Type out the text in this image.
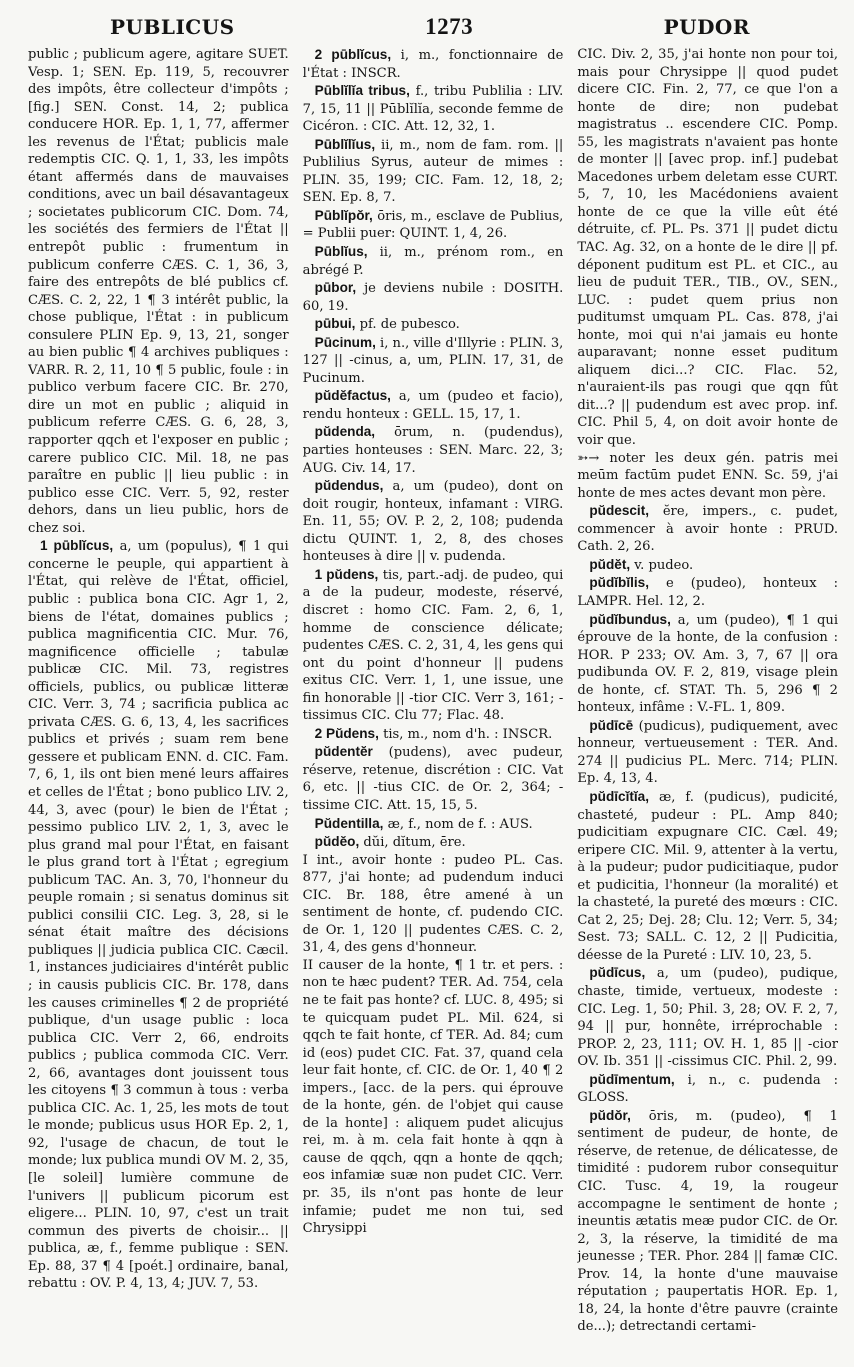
PUBLICUS	1273	PUDOR

public ; publicum agere, agitare SUET. Vesp. 1; SEN. Ep. 119, 5, recouvrer des impôts, être collecteur d'impôts ; [fig.] SEN. Const. 14, 2; publica conducere HOR. Ep. 1, 1, 77, affermer les revenus de l'État; publicis male redemptis CIC. Q. 1, 1, 33, les impôts étant affermés dans de mauvaises conditions, avec un bail désavantageux ; societates publicorum CIC. Dom. 74, les sociétés des fermiers de l'État || entrepôt public : frumentum in publicum conferre CÆS. C. 1, 36, 3, faire des entrepôts de blé publics cf. CÆS. C. 2, 22, 1 ¶ 3 intérêt public, la chose publique, l'État : in publicum consulere PLIN Ep. 9, 13, 21, songer au bien public ¶ 4 archives publiques : VARR. R. 2, 11, 10 ¶ 5 public, foule : in publico verbum facere CIC. Br. 270, dire un mot en public ; aliquid in publicum referre CÆS. G. 6, 28, 3, rapporter qqch et l'exposer en public ; carere publico CIC. Mil. 18, ne pas paraître en public || lieu public : in publico esse CIC. Verr. 5, 92, rester dehors, dans un lieu public, hors de chez soi.

1 pūblĭcus, a, um (populus), ¶ 1 qui concerne le peuple, qui appartient à l'État, qui relève de l'État, officiel, public : publica bona CIC. Agr 1, 2, biens de l'état, domaines publics ; publica magnificentia CIC. Mur. 76, magnificence officielle ; tabulæ publicæ CIC. Mil. 73, registres officiels, publics, ou publicæ litteræ CIC. Verr. 3, 74 ; sacrificia publica ac privata CÆS. G. 6, 13, 4, les sacrifices publics et privés ; suam rem bene gessere et publicam ENN. d. CIC. Fam. 7, 6, 1, ils ont bien mené leurs affaires et celles de l'État ; bono publico LIV. 2, 44, 3, avec (pour) le bien de l'État ; pessimo publico LIV. 2, 1, 3, avec le plus grand mal pour l'État, en faisant le plus grand tort à l'État ; egregium publicum TAC. An. 3, 70, l'honneur du peuple romain ; si senatus dominus sit publici consilii CIC. Leg. 3, 28, si le sénat était maître des décisions publiques || judicia publica CIC. Cæcil. 1, instances judiciaires d'intérêt public ; in causis publicis CIC. Br. 178, dans les causes criminelles ¶ 2 de propriété publique, d'un usage public : loca publica CIC. Verr 2, 66, endroits publics ; publica commoda CIC. Verr. 2, 66, avantages dont jouissent tous les citoyens ¶ 3 commun à tous : verba publica CIC. Ac. 1, 25, les mots de tout le monde; publicus usus HOR Ep. 2, 1, 92, l'usage de chacun, de tout le monde; lux publica mundi OV M. 2, 35, [le soleil] lumière commune de l'univers || publicum picorum est eligere... PLIN. 10, 97, c'est un trait commun des piverts de choisir... || publica, æ, f., femme publique : SEN. Ep. 88, 37 ¶ 4 [poét.] ordinaire, banal, rebattu : OV. P. 4, 13, 4; JUV. 7, 53.

2 pūblĭcus, i, m., fonctionnaire de l'État : INSCR.

Pūblĭlĭa tribus, f., tribu Publilia : LIV. 7, 15, 11 || Pūblĭlĭa, seconde femme de Cicéron. : CIC. Att. 12, 32, 1.

Pūblĭlĭus, ii, m., nom de fam. rom. || Publilius Syrus, auteur de mimes : PLIN. 35, 199; CIC. Fam. 12, 18, 2; SEN. Ep. 8, 7.

Pūblĭpŏr, ōris, m., esclave de Publius, = Publii puer: QUINT. 1, 4, 26.

Pūblĭus, ii, m., prénom rom., en abrégé P.

pūbor, je deviens nubile : DOSITH. 60, 19.

pūbui, pf. de pubesco.

Pūcinum, i, n., ville d'Illyrie : PLIN. 3, 127 || -cinus, a, um, PLIN. 17, 31, de Pucinum.

pŭdĕfactus, a, um (pudeo et facio), rendu honteux : GELL. 15, 17, 1.

pŭdenda, ōrum, n. (pudendus), parties honteuses : SEN. Marc. 22, 3; AUG. Civ. 14, 17.

pŭdendus, a, um (pudeo), dont on doit rougir, honteux, infamant : VIRG. En. 11, 55; OV. P. 2, 2, 108; pudenda dictu QUINT. 1, 2, 8, des choses honteuses à dire || v. pudenda.

1 pŭdens, tis, part.-adj. de pudeo, qui a de la pudeur, modeste, réservé, discret : homo CIC. Fam. 2, 6, 1, homme de conscience délicate; pudentes CÆS. C. 2, 31, 4, les gens qui ont du point d'honneur || pudens exitus CIC. Verr. 1, 1, une issue, une fin honorable || -tior CIC. Verr 3, 161; -tissimus CIC. Clu 77; Flac. 48.

2 Pŭdens, tis, m., nom d'h. : INSCR.

pŭdentĕr (pudens), avec pudeur, réserve, retenue, discrétion : CIC. Vat 6, etc. || -tius CIC. de Or. 2, 364; -tissime CIC. Att. 15, 15, 5.

Pŭdentilla, æ, f., nom de f. : AUS.

pŭdĕo, dŭi, dĭtum, ēre.

I int., avoir honte : pudeo PL. Cas. 877, j'ai honte; ad pudendum induci CIC. Br. 188, être amené à un sentiment de honte, cf. pudendo CIC. de Or. 1, 120 || pudentes CÆS. C. 2, 31, 4, des gens d'honneur.

II causer de la honte, ¶ 1 tr. et pers. : non te hæc pudent? TER. Ad. 754, cela ne te fait pas honte? cf. LUC. 8, 495; si te quicquam pudet PL. Mil. 624, si qqch te fait honte, cf TER. Ad. 84; cum id (eos) pudet CIC. Fat. 37, quand cela leur fait honte, cf. CIC. de Or. 1, 40 ¶ 2 impers., [acc. de la pers. qui éprouve de la honte, gén. de l'objet qui cause de la honte] : aliquem pudet alicujus rei, m. à m. cela fait honte à qqn à cause de qqch, qqn a honte de qqch; eos infamiæ suæ non pudet CIC. Verr. pr. 35, ils n'ont pas honte de leur infamie; pudet me non tui, sed Chrysippi

CIC. Div. 2, 35, j'ai honte non pour toi, mais pour Chrysippe || quod pudet dicere CIC. Fin. 2, 77, ce que l'on a honte de dire; non pudebat magistratus .. escendere CIC. Pomp. 55, les magistrats n'avaient pas honte de monter || [avec prop. inf.] pudebat Macedones urbem deletam esse CURT. 5, 7, 10, les Macédoniens avaient honte de ce que la ville eût été détruite, cf. PL. Ps. 371 || pudet dictu TAC. Ag. 32, on a honte de le dire || pf. déponent puditum est PL. et CIC., au lieu de puduit TER., TIB., OV., SEN., LUC. : pudet quem prius non puditumst umquam PL. Cas. 878, j'ai honte, moi qui n'ai jamais eu honte auparavant; nonne esset puditum aliquem dici...? CIC. Flac. 52, n'auraient-ils pas rougi que qqn fût dit...? || pudendum est avec prop. inf. CIC. Phil 5, 4, on doit avoir honte de voir que.

➳→ noter les deux gén. patris mei meūm factūm pudet ENN. Sc. 59, j'ai honte de mes actes devant mon père.

pŭdescit, ĕre, impers., c. pudet, commencer à avoir honte : PRUD. Cath. 2, 26.

pŭdĕt, v. pudeo.

pŭdĭbĭlis, e (pudeo), honteux : LAMPR. Hel. 12, 2.

pŭdĭbundus, a, um (pudeo), ¶ 1 qui éprouve de la honte, de la confusion : HOR. P 233; OV. Am. 3, 7, 67 || ora pudibunda OV. F. 2, 819, visage plein de honte, cf. STAT. Th. 5, 296 ¶ 2 honteux, infâme : V.-FL. 1, 809.

pŭdīcē (pudicus), pudiquement, avec honneur, vertueusement : TER. And. 274 || pudicius PL. Merc. 714; PLIN. Ep. 4, 13, 4.

pŭdīcĭtĭa, æ, f. (pudicus), pudicité, chasteté, pudeur : PL. Amp 840; pudicitiam expugnare CIC. Cæl. 49; eripere CIC. Mil. 9, attenter à la vertu, à la pudeur; pudor pudicitiaque, pudor et pudicitia, l'honneur (la moralité) et la chasteté, la pureté des mœurs : CIC. Cat 2, 25; Dej. 28; Clu. 12; Verr. 5, 34; Sest. 73; SALL. C. 12, 2 || Pudicitia, déesse de la Pureté : LIV. 10, 23, 5.

pŭdīcus, a, um (pudeo), pudique, chaste, timide, vertueux, modeste : CIC. Leg. 1, 50; Phil. 3, 28; OV. F. 2, 7, 94 || pur, honnête, irréprochable : PROP. 2, 23, 111; OV. H. 1, 85 || -cior OV. Ib. 351 || -cissimus CIC. Phil. 2, 99.

pŭdīmentum, i, n., c. pudenda : GLOSS.

pŭdŏr, ōris, m. (pudeo), ¶ 1 sentiment de pudeur, de honte, de réserve, de retenue, de délicatesse, de timidité : pudorem rubor consequitur CIC. Tusc. 4, 19, la rougeur accompagne le sentiment de honte ; ineuntis ætatis meæ pudor CIC. de Or. 2, 3, la réserve, la timidité de ma jeunesse ; TER. Phor. 284 || famæ CIC. Prov. 14, la honte d'une mauvaise réputation ; paupertatis HOR. Ep. 1, 18, 24, la honte d'être pauvre (crainte de...); detrectandi certami-
